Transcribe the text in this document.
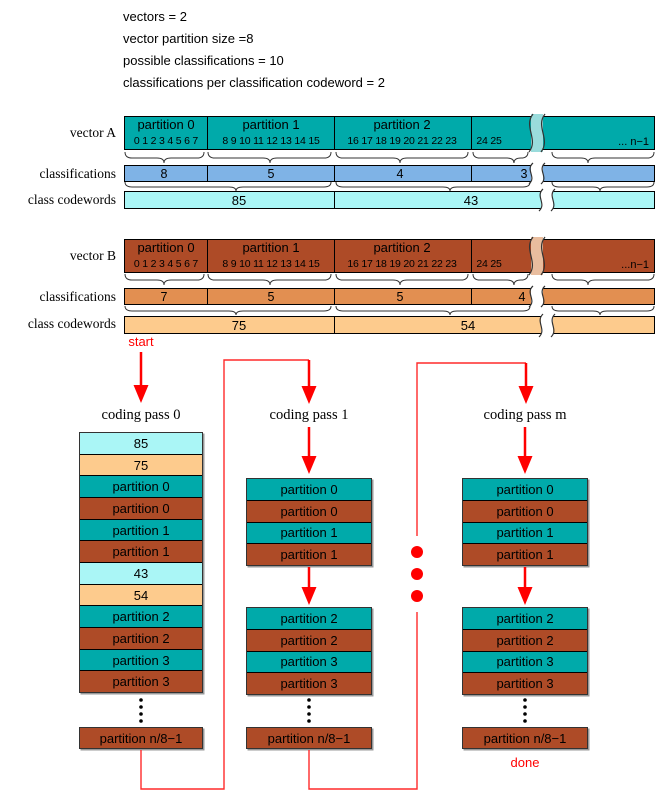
vectors = 2
vector partition size =8
possible classifications = 10
classifications per classification codeword = 2
vector A
classifications
class codewords
vector B
classifications
class codewords
partition 0	partition 1	partition 2
0 1 2 3 4 5 6 7 8 9 10 11 12 13 14 15	16 17 18 19 20 21 22 23 24 25	... n−1
8	5	4	3
85	43
partition 0	partition 1	partition 2
0 1 2 3 4 5 6 7 8 9 10 11 12 13 14 15	16 17 18 19 20 21 22 23 24 25	...n−1
7	5	5	4
75	54
start
done
coding pass 0	coding pass 1	coding pass m
85
75
partition 0
partition 0
partition 1
partition 1
43
54
partition 2
partition 2
partition 3
partition 3
partition 0
partition 0
partition 1
partition 1
partition 2
partition 2
partition 3
partition 3
partition 0
partition 0
partition 1
partition 1
partition 2
partition 2
partition 3
partition 3
partition n/8−1	partition n/8−1	partition n/8−1
